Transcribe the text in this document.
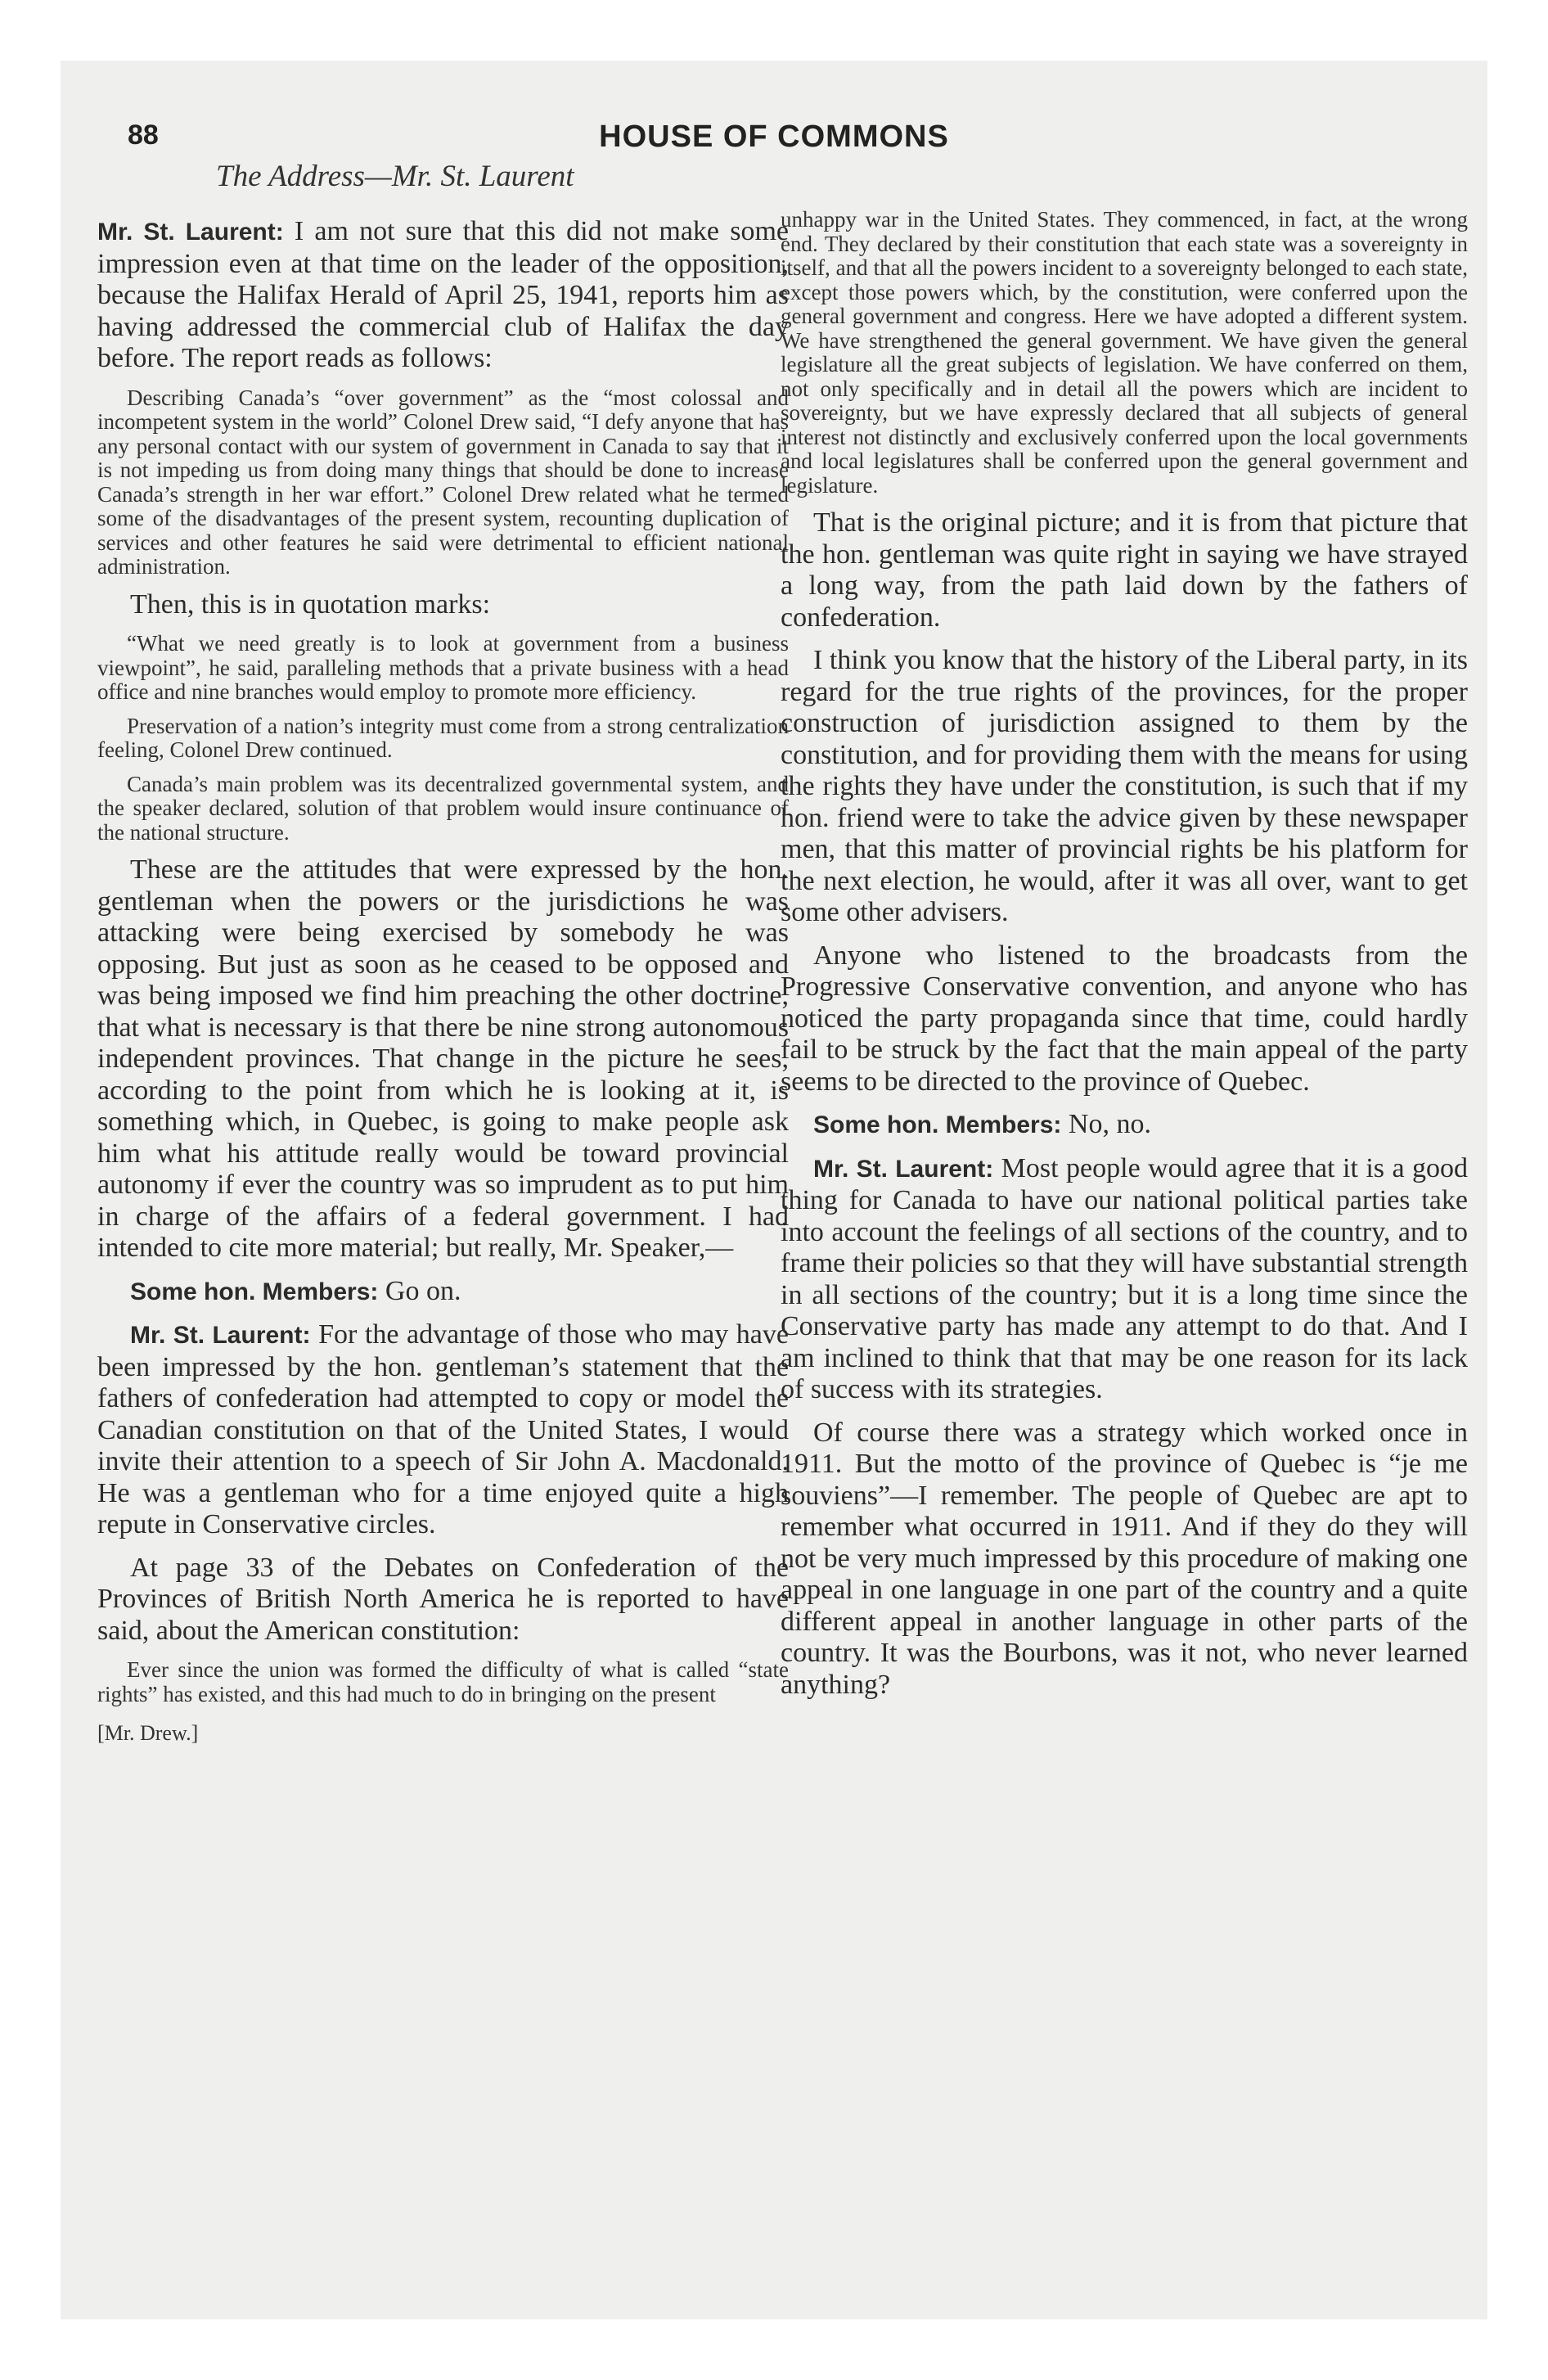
88	HOUSE OF COMMONS
The Address—Mr. St. Laurent

Mr. St. Laurent: I am not sure that this did not make some impression even at that time on the leader of the opposition, because the Halifax Herald of April 25, 1941, reports him as having addressed the commercial club of Halifax the day before. The report reads as follows:

Describing Canada’s “over government” as the “most colossal and incompetent system in the world” Colonel Drew said, “I defy anyone that has any personal contact with our system of government in Canada to say that it is not impeding us from doing many things that should be done to increase Canada’s strength in her war effort.” Colonel Drew related what he termed some of the disadvantages of the present system, recounting duplication of services and other features he said were detrimental to efficient national administration.

Then, this is in quotation marks:

“What we need greatly is to look at government from a business viewpoint”, he said, paralleling methods that a private business with a head office and nine branches would employ to promote more efficiency.

Preservation of a nation’s integrity must come from a strong centralization feeling, Colonel Drew continued.

Canada’s main problem was its decentralized governmental system, and the speaker declared, solution of that problem would insure continuance of the national structure.

These are the attitudes that were expressed by the hon. gentleman when the powers or the jurisdictions he was attacking were being exercised by somebody he was opposing. But just as soon as he ceased to be opposed and was being imposed we find him preaching the other doctrine, that what is necessary is that there be nine strong autonomous independent provinces. That change in the picture he sees, according to the point from which he is looking at it, is something which, in Quebec, is going to make people ask him what his attitude really would be toward provincial autonomy if ever the country was so imprudent as to put him in charge of the affairs of a federal government. I had intended to cite more material; but really, Mr. Speaker,—

Some hon. Members: Go on.

Mr. St. Laurent: For the advantage of those who may have been impressed by the hon. gentleman’s statement that the fathers of confederation had attempted to copy or model the Canadian constitution on that of the United States, I would invite their attention to a speech of Sir John A. Macdonald. He was a gentleman who for a time enjoyed quite a high repute in Conservative circles.

At page 33 of the Debates on Confederation of the Provinces of British North America he is reported to have said, about the American constitution:

Ever since the union was formed the difficulty of what is called “state rights” has existed, and this had much to do in bringing on the present

[Mr. Drew.]

unhappy war in the United States. They commenced, in fact, at the wrong end. They declared by their constitution that each state was a sovereignty in itself, and that all the powers incident to a sovereignty belonged to each state, except those powers which, by the constitution, were conferred upon the general government and congress. Here we have adopted a different system. We have strengthened the general government. We have given the general legislature all the great subjects of legislation. We have conferred on them, not only specifically and in detail all the powers which are incident to sovereignty, but we have expressly declared that all subjects of general interest not distinctly and exclusively conferred upon the local governments and local legislatures shall be conferred upon the general government and legislature.

That is the original picture; and it is from that picture that the hon. gentleman was quite right in saying we have strayed a long way, from the path laid down by the fathers of confederation.

I think you know that the history of the Liberal party, in its regard for the true rights of the provinces, for the proper construction of jurisdiction assigned to them by the constitution, and for providing them with the means for using the rights they have under the constitution, is such that if my hon. friend were to take the advice given by these newspaper men, that this matter of provincial rights be his platform for the next election, he would, after it was all over, want to get some other advisers.

Anyone who listened to the broadcasts from the Progressive Conservative convention, and anyone who has noticed the party propaganda since that time, could hardly fail to be struck by the fact that the main appeal of the party seems to be directed to the province of Quebec.

Some hon. Members: No, no.

Mr. St. Laurent: Most people would agree that it is a good thing for Canada to have our national political parties take into account the feelings of all sections of the country, and to frame their policies so that they will have substantial strength in all sections of the country; but it is a long time since the Conservative party has made any attempt to do that. And I am inclined to think that that may be one reason for its lack of success with its strategies.

Of course there was a strategy which worked once in 1911. But the motto of the province of Quebec is “je me souviens”—I remember. The people of Quebec are apt to remember what occurred in 1911. And if they do they will not be very much impressed by this procedure of making one appeal in one language in one part of the country and a quite different appeal in another language in other parts of the country. It was the Bourbons, was it not, who never learned anything?
